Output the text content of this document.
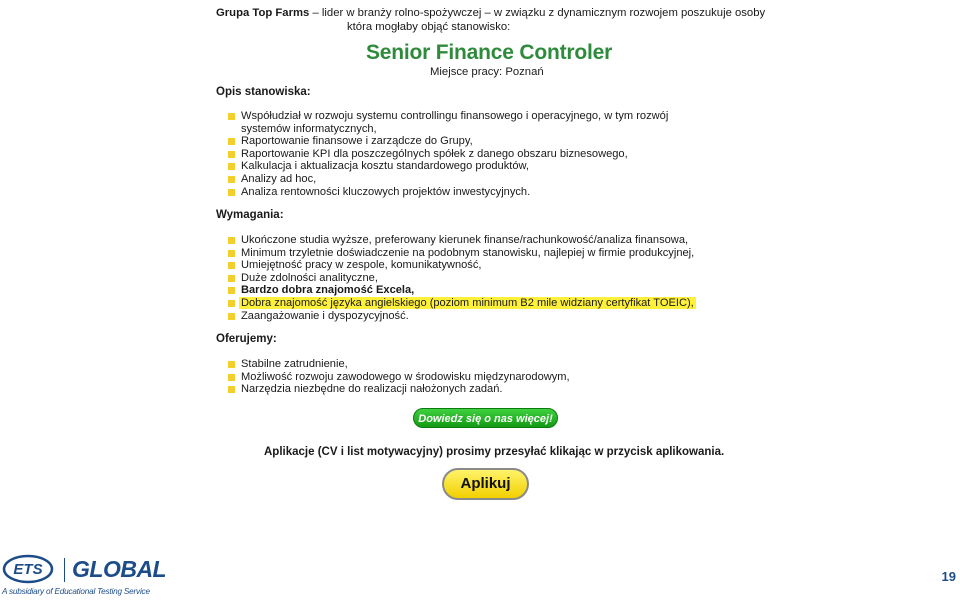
Grupa Top Farms – lider w branży rolno-spożywczej – w związku z dynamicznym rozwojem poszukuje osoby
która mogłaby objąć stanowisko:
Senior Finance Controler
Miejsce pracy: Poznań
Opis stanowiska:
Współudział w rozwoju systemu controllingu finansowego i operacyjnego, w tym rozwój
systemów informatycznych,
Raportowanie finansowe i zarządcze do Grupy,
Raportowanie KPI dla poszczególnych spółek z danego obszaru biznesowego,
Kalkulacja i aktualizacja kosztu standardowego produktów,
Analizy ad hoc,
Analiza rentowności kluczowych projektów inwestycyjnych.
Wymagania:
Ukończone studia wyższe, preferowany kierunek finanse/rachunkowość/analiza finansowa,
Minimum trzyletnie doświadczenie na podobnym stanowisku, najlepiej w firmie produkcyjnej,
Umiejętność pracy w zespole, komunikatywność,
Duże zdolności analityczne,
Bardzo dobra znajomość Excela,
Dobra znajomość języka angielskiego (poziom minimum B2 mile widziany certyfikat TOEIC),
Zaangażowanie i dyspozycyjność.
Oferujemy:
Stabilne zatrudnienie,
Możliwość rozwoju zawodowego w środowisku międzynarodowym,
Narzędzia niezbędne do realizacji nałożonych zadań.
Dowiedz się o nas więcej!
Aplikacje (CV i list motywacyjny) prosimy przesyłać klikając w przycisk aplikowania.
Aplikuj
ETS GLOBAL
A subsidiary of Educational Testing Service
19
